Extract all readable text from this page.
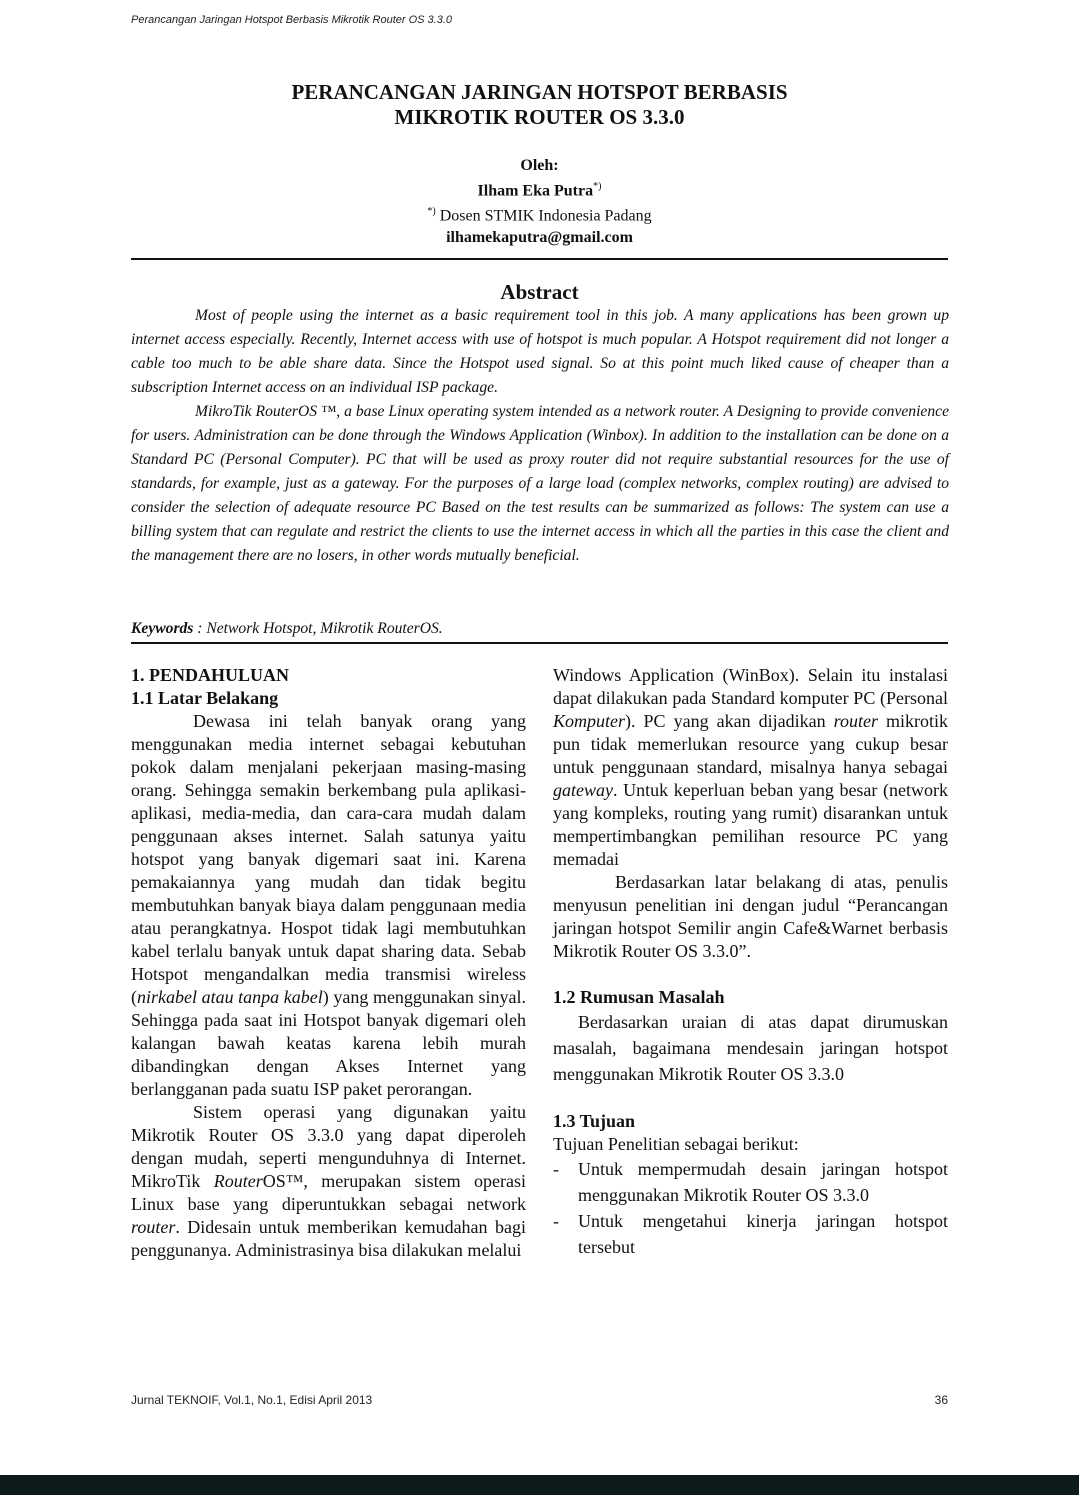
Perancangan Jaringan Hotspot Berbasis Mikrotik Router OS 3.3.0

PERANCANGAN JARINGAN HOTSPOT BERBASIS

MIKROTIK ROUTER OS 3.3.0

Oleh:
Ilham Eka Putra*)
*) Dosen STMIK Indonesia Padang
ilhamekaputra@gmail.com
Abstract

Most of people using the internet as a basic requirement tool in this job. A many applications has been grown up internet access especially. Recently, Internet access with use of hotspot is much popular. A Hotspot requirement did not longer a cable too much to be able share data. Since the Hotspot used signal. So at this point much liked cause of cheaper than a subscription Internet access on an individual ISP package.

MikroTik RouterOS ™, a base Linux operating system intended as a network router. A Designing to provide convenience for users. Administration can be done through the Windows Application (Winbox). In addition to the installation can be done on a Standard PC (Personal Computer). PC that will be used as proxy router did not require substantial resources for the use of standards, for example, just as a gateway. For the purposes of a large load (complex networks, complex routing) are advised to consider the selection of adequate resource PC Based on the test results can be summarized as follows: The system can use a billing system that can regulate and restrict the clients to use the internet access in which all the parties in this case the client and the management there are no losers, in other words mutually beneficial.

Keywords : Network Hotspot, Mikrotik RouterOS.

1. PENDAHULUAN

1.1 Latar Belakang

Dewasa ini telah banyak orang yang menggunakan media internet sebagai kebutuhan pokok dalam menjalani pekerjaan masing-masing orang. Sehingga semakin berkembang pula aplikasi-aplikasi, media-media, dan cara-cara mudah dalam penggunaan akses internet. Salah satunya yaitu hotspot yang banyak digemari saat ini. Karena pemakaiannya yang mudah dan tidak begitu membutuhkan banyak biaya dalam penggunaan media atau perangkatnya. Hospot tidak lagi membutuhkan kabel terlalu banyak untuk dapat sharing data. Sebab Hotspot mengandalkan media transmisi wireless (nirkabel atau tanpa kabel) yang menggunakan sinyal. Sehingga pada saat ini Hotspot banyak digemari oleh kalangan bawah keatas karena lebih murah dibandingkan dengan Akses Internet yang berlangganan pada suatu ISP paket perorangan.

Sistem operasi yang digunakan yaitu Mikrotik Router OS 3.3.0 yang dapat diperoleh dengan mudah, seperti mengunduhnya di Internet. MikroTik RouterOS™, merupakan sistem operasi Linux base yang diperuntukkan sebagai network router. Didesain untuk memberikan kemudahan bagi penggunanya. Administrasinya bisa dilakukan melalui

Windows Application (WinBox). Selain itu instalasi dapat dilakukan pada Standard komputer PC (Personal Komputer). PC yang akan dijadikan router mikrotik pun tidak memerlukan resource yang cukup besar untuk penggunaan standard, misalnya hanya sebagai gateway. Untuk keperluan beban yang besar (network yang kompleks, routing yang rumit) disarankan untuk mempertimbangkan pemilihan resource PC yang memadai

Berdasarkan latar belakang di atas, penulis menyusun penelitian ini dengan judul “Perancangan jaringan hotspot Semilir angin Cafe&Warnet berbasis Mikrotik Router OS 3.3.0”.

1.2 Rumusan Masalah

Berdasarkan uraian di atas dapat dirumuskan masalah, bagaimana mendesain jaringan hotspot menggunakan Mikrotik Router OS 3.3.0

1.3 Tujuan

Tujuan Penelitian sebagai berikut:

- Untuk mempermudah desain jaringan hotspot menggunakan Mikrotik Router OS 3.3.0
- Untuk mengetahui kinerja jaringan hotspot tersebut
Jurnal TEKNOIF, Vol.1, No.1, Edisi April 2013	36
